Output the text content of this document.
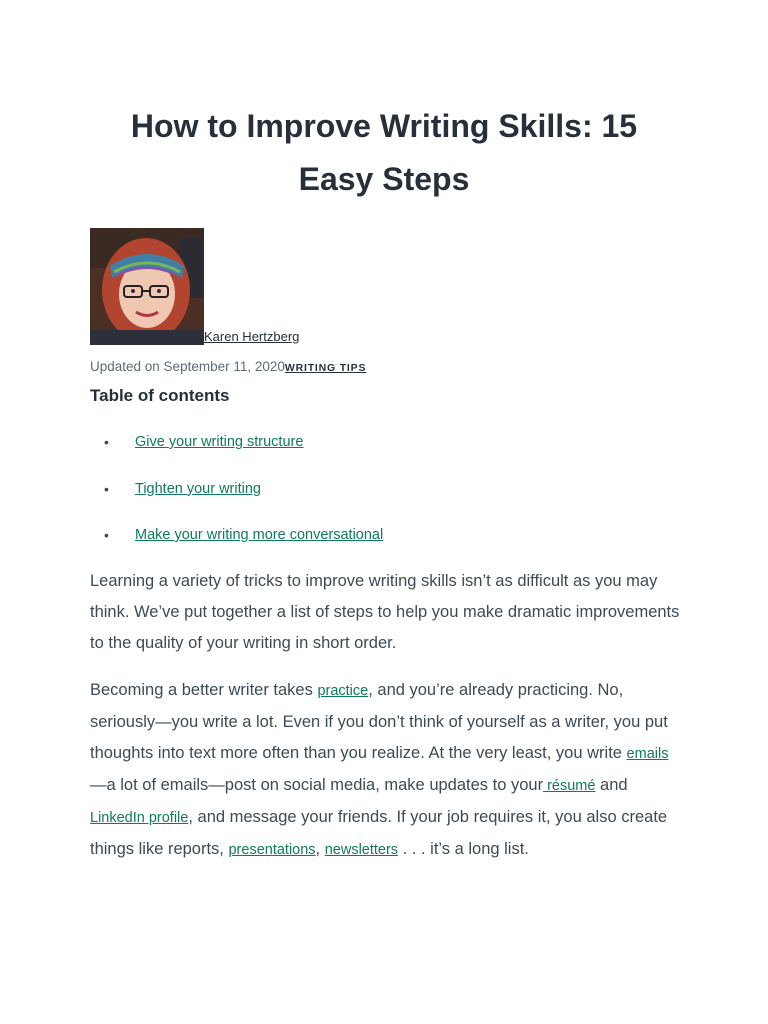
How to Improve Writing Skills: 15 Easy Steps
Karen Hertzberg
Updated on September 11, 2020WRITING TIPS
Table of contents
• Give your writing structure
• Tighten your writing
• Make your writing more conversational

Learning a variety of tricks to improve writing skills isn’t as difficult as you may think. We’ve put together a list of steps to help you make dramatic improvements to the quality of your writing in short order.

Becoming a better writer takes practice, and you’re already practicing. No, seriously—you write a lot. Even if you don’t think of yourself as a writer, you put thoughts into text more often than you realize. At the very least, you write emails—a lot of emails—post on social media, make updates to your résumé and LinkedIn profile, and message your friends. If your job requires it, you also create things like reports, presentations, newsletters . . . it’s a long list.
